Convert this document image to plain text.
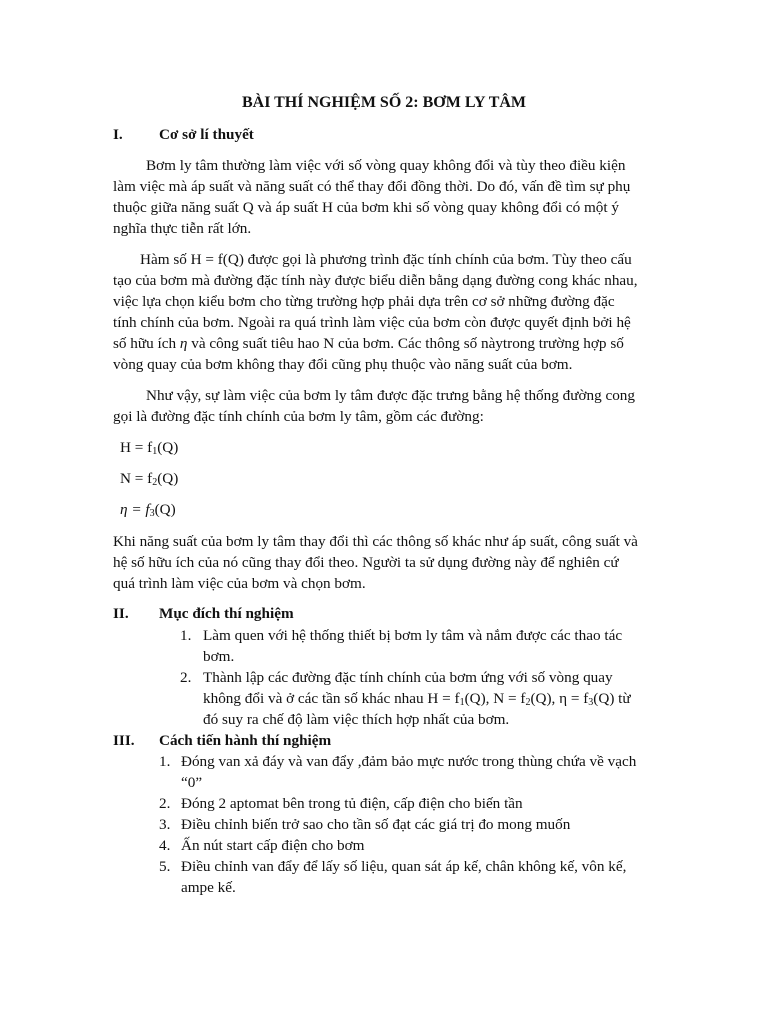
BÀI THÍ NGHIỆM SỐ 2: BƠM LY TÂM
I. Cơ sở lí thuyết
Bơm ly tâm thường làm việc với số vòng quay không đổi và tùy theo điều kiện
làm việc mà áp suất và năng suất có thể thay đổi đồng thời. Do đó, vấn đề tìm sự phụ
thuộc giữa năng suất Q và áp suất H của bơm khi số vòng quay không đổi có một ý
nghĩa thực tiễn rất lớn.
Hàm số H = f(Q) được gọi là phương trình đặc tính chính của bơm. Tùy theo cấu
tạo của bơm mà đường đặc tính này được biểu diễn bằng dạng đường cong khác nhau,
việc lựa chọn kiểu bơm cho từng trường hợp phải dựa trên cơ sở những đường đặc
tính chính của bơm. Ngoài ra quá trình làm việc của bơm còn được quyết định bởi hệ
số hữu ích η và công suất tiêu hao N của bơm. Các thông số nàytrong trường hợp số
vòng quay của bơm không thay đổi cũng phụ thuộc vào năng suất của bơm.
Như vậy, sự làm việc của bơm ly tâm được đặc trưng bằng hệ thống đường cong
gọi là đường đặc tính chính của bơm ly tâm, gồm các đường:
$H = f_1(Q)$
$N = f_2(Q)$
$\eta = f_3(Q)$
Khi năng suất của bơm ly tâm thay đổi thì các thông số khác như áp suất, công suất và
hệ số hữu ích của nó cũng thay đổi theo. Người ta sử dụng đường này để nghiên cứ
quá trình làm việc của bơm và chọn bơm.
II. Mục đích thí nghiệm
1. Làm quen với hệ thống thiết bị bơm ly tâm và nắm được các thao tác
bơm.
2. Thành lập các đường đặc tính chính của bơm ứng với số vòng quay
không đổi và ở các tần số khác nhau $H = f_1(Q)$, $N = f_2(Q)$, $\eta = f_3(Q)$ từ
đó suy ra chế độ làm việc thích hợp nhất của bơm.
III. Cách tiến hành thí nghiệm
1. Đóng van xả đáy và van đẩy ,đảm bảo mực nước trong thùng chứa về vạch
“0”
2. Đóng 2 aptomat bên trong tủ điện, cấp điện cho biến tần
3. Điều chỉnh biến trở sao cho tần số đạt các giá trị đo mong muốn
4. Ấn nút start cấp điện cho bơm
5. Điều chỉnh van đẩy để lấy số liệu, quan sát áp kế, chân không kế, vôn kế,
ampe kế.
